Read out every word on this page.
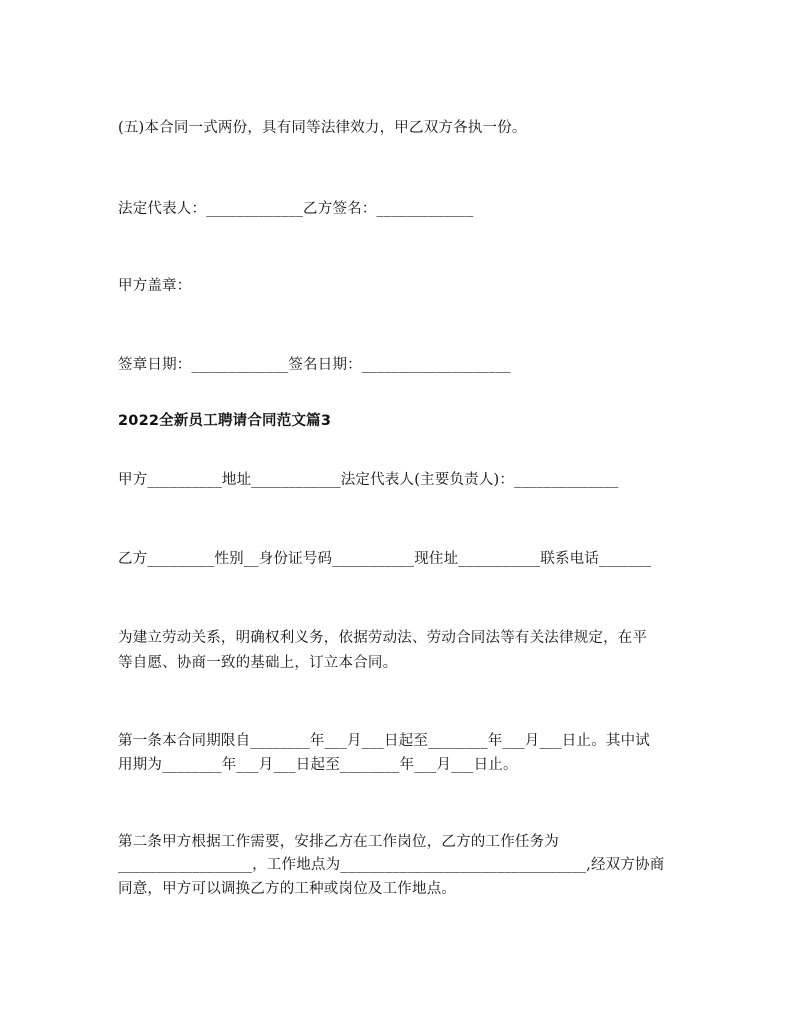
(五)本合同一式两份，具有同等法律效力，甲乙双方各执一份。
法定代表人：_____________乙方签名：_____________
甲方盖章：
签章日期：_____________签名日期：____________________
2022全新员工聘请合同范文篇3
甲方__________地址____________法定代表人(主要负责人)：______________
乙方_________性别__身份证号码___________现住址___________联系电话_______
为建立劳动关系，明确权利义务，依据劳动法、劳动合同法等有关法律规定，在平
等自愿、协商一致的基础上，订立本合同。
第一条本合同期限自________年___月___日起至________年___月___日止。其中试
用期为________年___月___日起至________年___月___日止。
第二条甲方根据工作需要，安排乙方在工作岗位，乙方的工作任务为
__________________，工作地点为_________________________________,经双方协商
同意，甲方可以调换乙方的工种或岗位及工作地点。
